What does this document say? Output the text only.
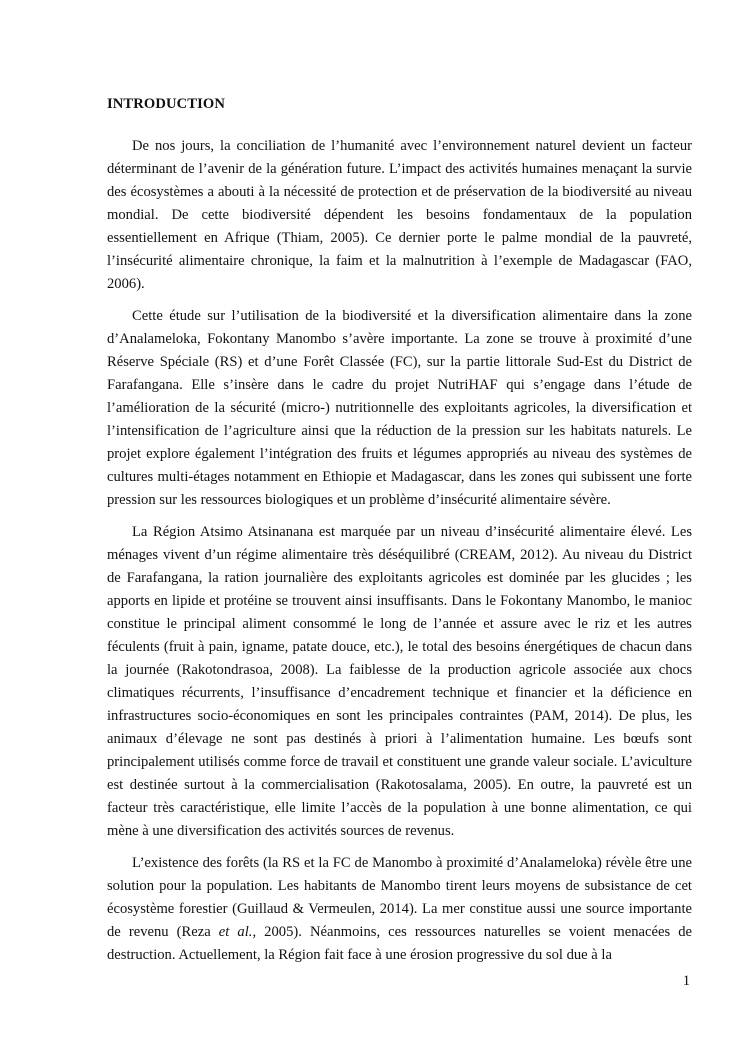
INTRODUCTION

De nos jours, la conciliation de l’humanité avec l’environnement naturel devient un facteur déterminant de l’avenir de la génération future. L’impact des activités humaines menaçant la survie des écosystèmes a abouti à la nécessité de protection et de préservation de la biodiversité au niveau mondial. De cette biodiversité dépendent les besoins fondamentaux de la population essentiellement en Afrique (Thiam, 2005). Ce dernier porte le palme mondial de la pauvreté, l’insécurité alimentaire chronique, la faim et la malnutrition à l’exemple de Madagascar (FAO, 2006).

Cette étude sur l’utilisation de la biodiversité et la diversification alimentaire dans la zone d’Analameloka, Fokontany Manombo s’avère importante. La zone se trouve à proximité d’une Réserve Spéciale (RS) et d’une Forêt Classée (FC), sur la partie littorale Sud-Est du District de Farafangana. Elle s’insère dans le cadre du projet NutriHAF qui s’engage dans l’étude de l’amélioration de la sécurité (micro-) nutritionnelle des exploitants agricoles, la diversification et l’intensification de l’agriculture ainsi que la réduction de la pression sur les habitats naturels. Le projet explore également l’intégration des fruits et légumes appropriés au niveau des systèmes de cultures multi-étages notamment en Ethiopie et Madagascar, dans les zones qui subissent une forte pression sur les ressources biologiques et un problème d’insécurité alimentaire sévère.

La Région Atsimo Atsinanana est marquée par un niveau d’insécurité alimentaire élevé. Les ménages vivent d’un régime alimentaire très déséquilibré (CREAM, 2012). Au niveau du District de Farafangana, la ration journalière des exploitants agricoles est dominée par les glucides ; les apports en lipide et protéine se trouvent ainsi insuffisants. Dans le Fokontany Manombo, le manioc constitue le principal aliment consommé le long de l’année et assure avec le riz et les autres féculents (fruit à pain, igname, patate douce, etc.), le total des besoins énergétiques de chacun dans la journée (Rakotondrasoa, 2008). La faiblesse de la production agricole associée aux chocs climatiques récurrents, l’insuffisance d’encadrement technique et financier et la déficience en infrastructures socio-économiques en sont les principales contraintes (PAM, 2014). De plus, les animaux d’élevage ne sont pas destinés à priori à l’alimentation humaine. Les bœufs sont principalement utilisés comme force de travail et constituent une grande valeur sociale. L’aviculture est destinée surtout à la commercialisation (Rakotosalama, 2005). En outre, la pauvreté est un facteur très caractéristique, elle limite l’accès de la population à une bonne alimentation, ce qui mène à une diversification des activités sources de revenus.

L’existence des forêts (la RS et la FC de Manombo à proximité d’Analameloka) révèle être une solution pour la population. Les habitants de Manombo tirent leurs moyens de subsistance de cet écosystème forestier (Guillaud & Vermeulen, 2014). La mer constitue aussi une source importante de revenu (Reza et al., 2005). Néanmoins, ces ressources naturelles se voient menacées de destruction. Actuellement, la Région fait face à une érosion progressive du sol due à la

1
